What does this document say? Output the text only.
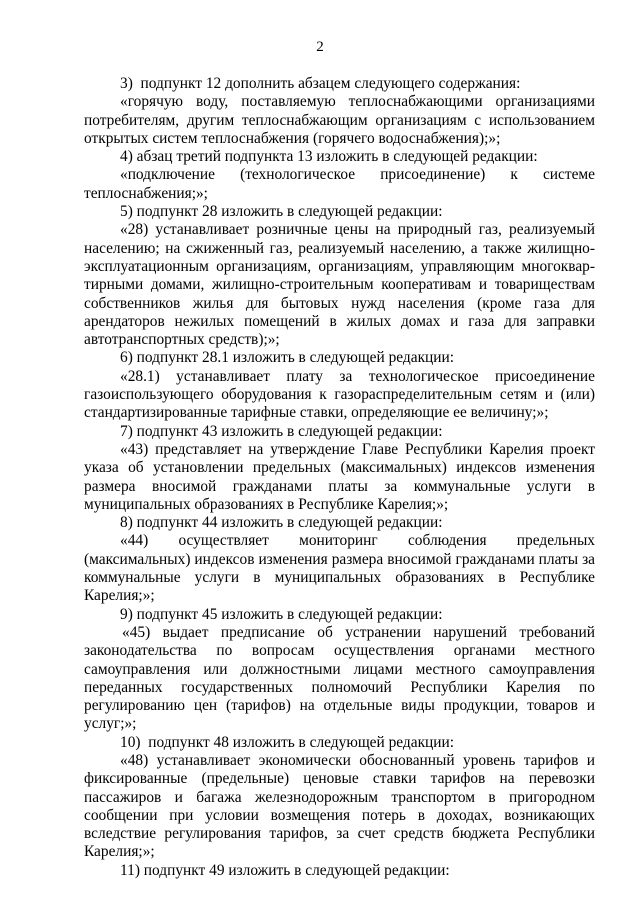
2

3)  подпункт 12 дополнить абзацем следующего содержания:

«горячую воду, поставляемую теплоснабжающими организациями потребителям, другим теплоснабжающим организациям с использованием открытых систем теплоснабжения (горячего водоснабжения);»;

4) абзац третий подпункта 13 изложить в следующей редакции:

«подключение (технологическое присоединение) к системе теплоснабжения;»;

5) подпункт 28 изложить в следующей редакции:

«28) устанавливает розничные цены на природный газ, реализуемый населению; на сжиженный газ, реализуемый населению, а также жилищно-эксплуатационным организациям, организациям, управляющим многоквартирными домами, жилищно-строительным кооперативам и товариществам собственников жилья для бытовых нужд населения (кроме газа для арендаторов нежилых помещений в жилых домах и газа для заправки автотранспортных средств);»;

6) подпункт 28.1 изложить в следующей редакции:

«28.1) устанавливает плату за технологическое присоединение газоиспользующего оборудования к газораспределительным сетям и (или) стандартизированные тарифные ставки, определяющие ее величину;»;

7) подпункт 43 изложить в следующей редакции:

«43) представляет на утверждение Главе Республики Карелия проект указа об установлении предельных (максимальных) индексов изменения размера вносимой гражданами платы за коммунальные услуги в муниципальных образованиях в Республике Карелия;»;

8) подпункт 44 изложить в следующей редакции:

«44) осуществляет мониторинг соблюдения предельных (максимальных) индексов изменения размера вносимой гражданами платы за коммунальные услуги в муниципальных образованиях в Республике Карелия;»;

9) подпункт 45 изложить в следующей редакции:

«45) выдает предписание об устранении нарушений требований законодательства по вопросам осуществления органами местного самоуправления или должностными лицами местного самоуправления переданных государственных полномочий Республики Карелия по регулированию цен (тарифов) на отдельные виды продукции, товаров и услуг;»;

10)  подпункт 48 изложить в следующей редакции:

«48) устанавливает экономически обоснованный уровень тарифов и фиксированные (предельные) ценовые ставки тарифов на перевозки пассажиров и багажа железнодорожным транспортом в пригородном сообщении при условии возмещения потерь в доходах, возникающих вследствие регулирования тарифов, за счет средств бюджета Республики Карелия;»;

11) подпункт 49 изложить в следующей редакции:
